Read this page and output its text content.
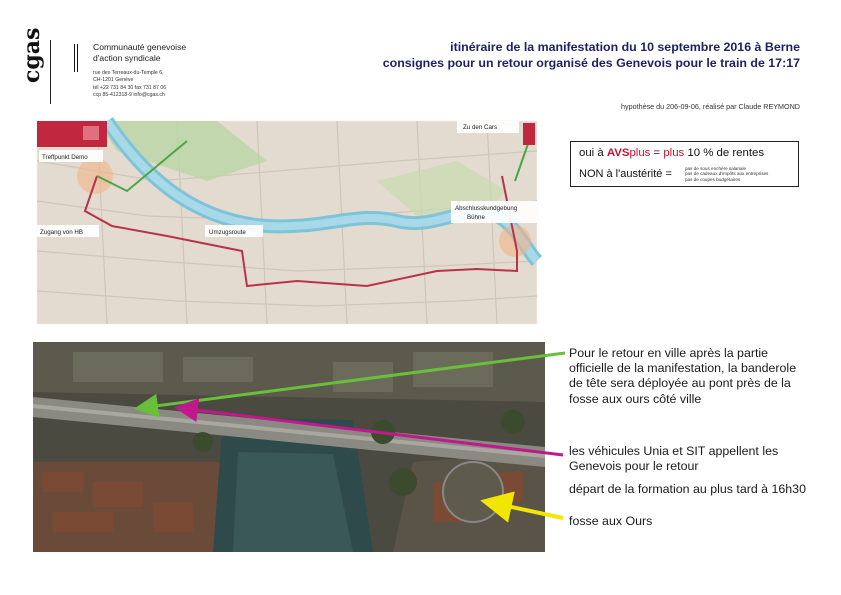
cgas	Communauté genevoise
d'action syndicale
rue des Terreaux-du-Temple 6,
CH-1201 Genève
tél +22 731 84 30 fax 731 87 06
ccp 85-412318-9 info@cgas.ch
itinéraire de la manifestation du 10 septembre 2016 à Berne
consignes pour un retour organisé des Genevois pour le train de 17:17
hypothèse du 206-09-06, réalisé par Claude REYMOND
Treffpunkt Demo
Zugang von HB	Umzugsroute
Zu den Cars
Abschlusskundgebung
Bühne
oui à AVSplus = plus 10 % de rentes
NON à l'austérité =	pas de sous enchère salariale
pas de cadeaux d'impôts aux entreprises
pas de coupes budgétaires
Pour le retour en ville après la partie officielle de la manifestation, la banderole de tête sera déployée au pont près de la fosse aux ours côté ville
les véhicules Unia et SIT appellent les Genevois pour le retour
départ de la formation au plus tard à 16h30
fosse aux Ours
